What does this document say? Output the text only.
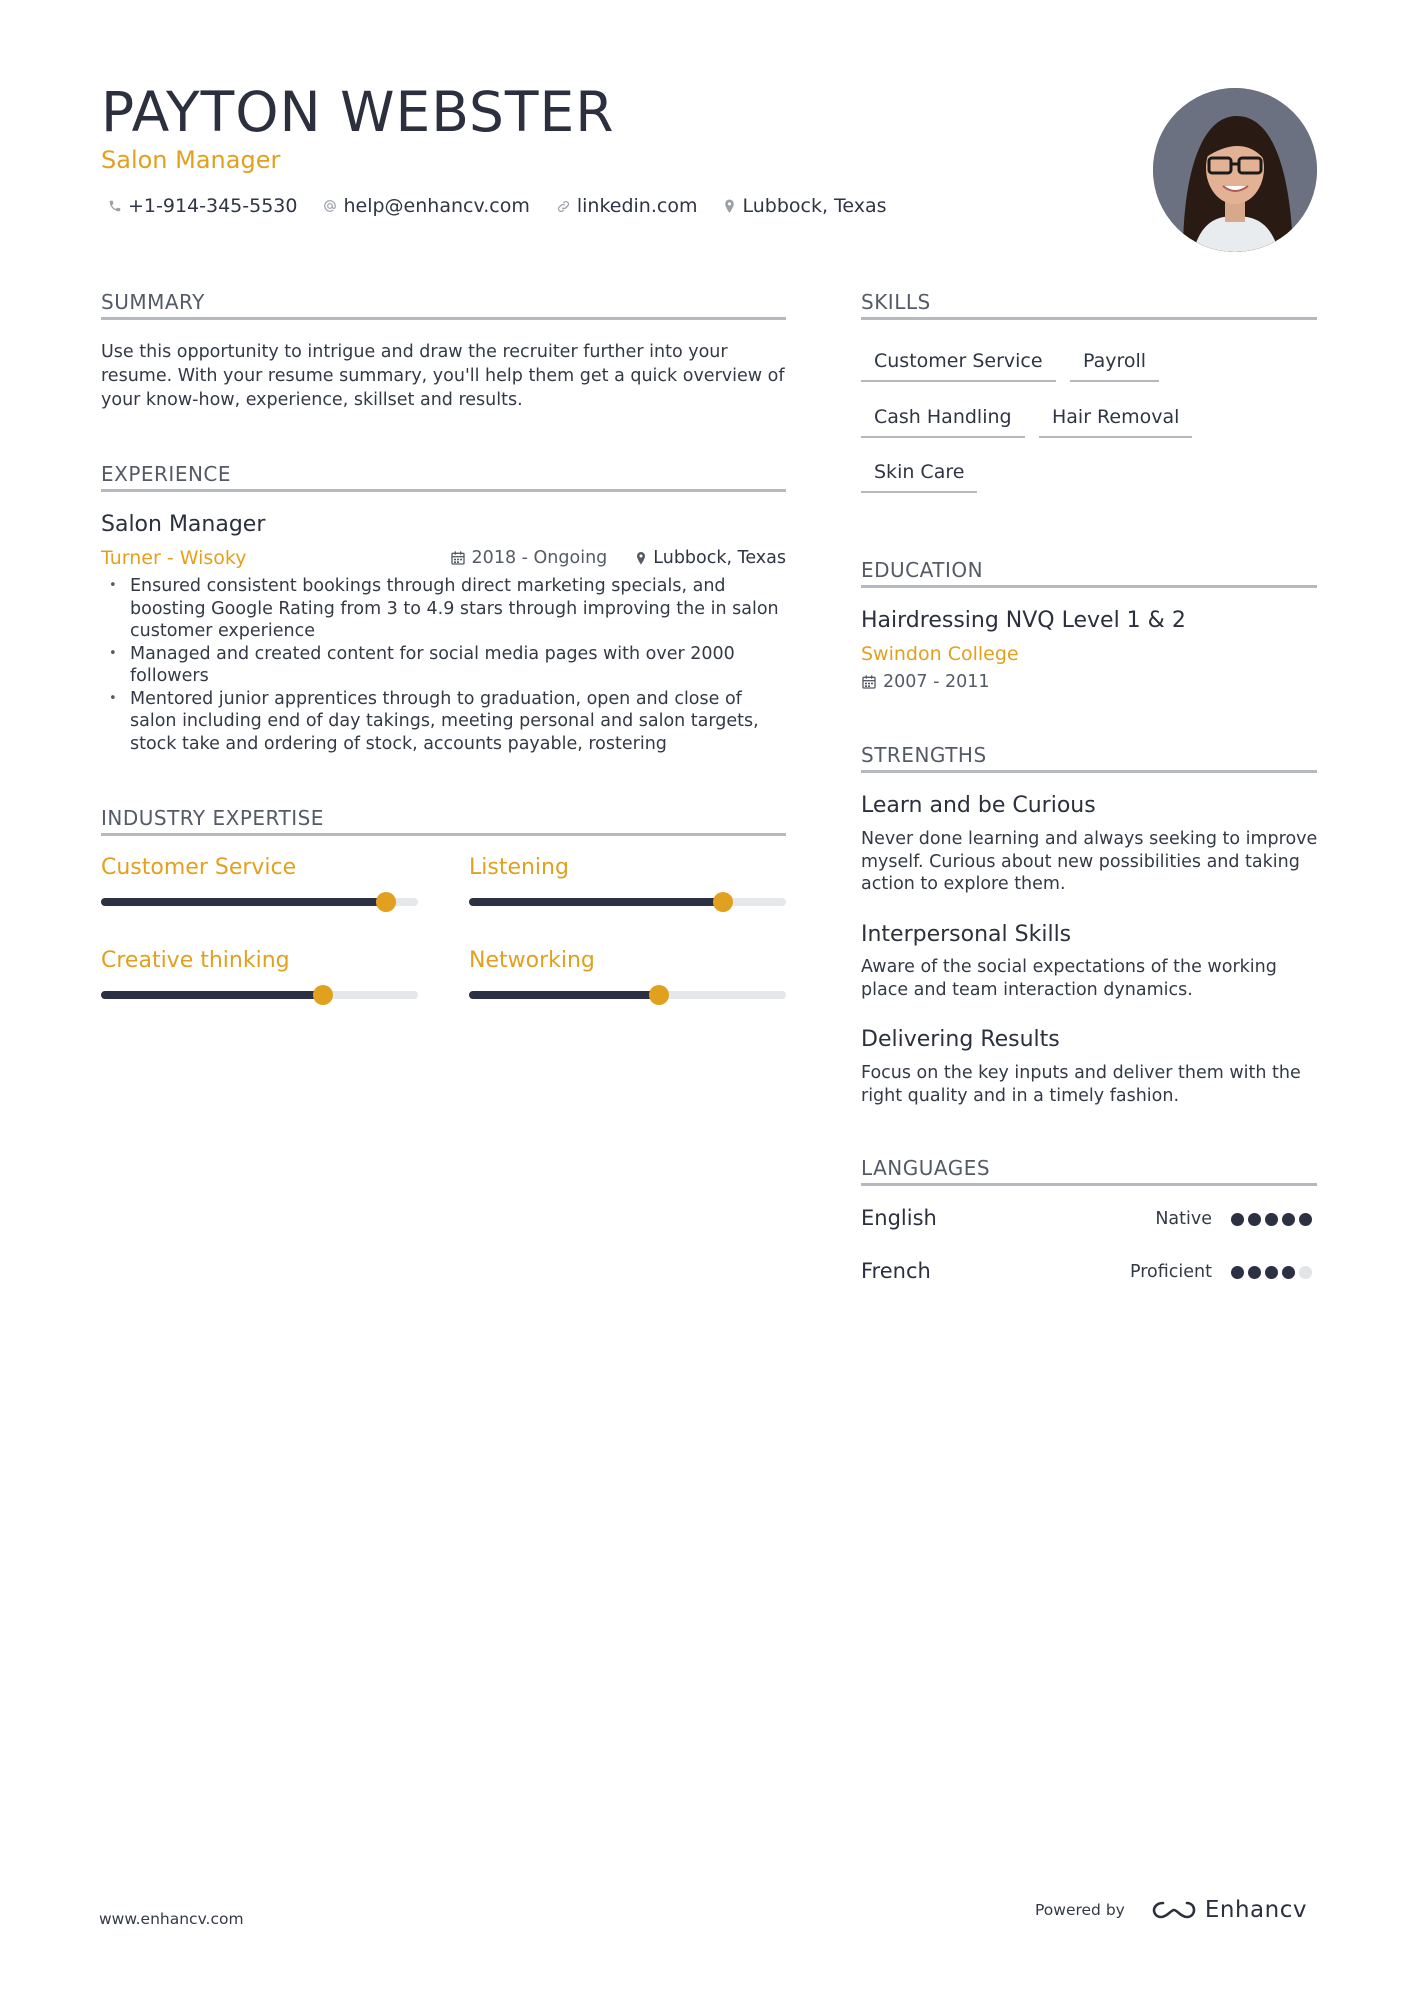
PAYTON WEBSTER
Salon Manager
+1-914-345-5530 help@enhancv.com linkedin.com Lubbock, Texas
SUMMARY
Use this opportunity to intrigue and draw the recruiter further into your resume. With your resume summary, you'll help them get a quick overview of your know-how, experience, skillset and results.
EXPERIENCE
Salon Manager
Turner - Wisoky	2018 - Ongoing	Lubbock, Texas
• Ensured consistent bookings through direct marketing specials, and boosting Google Rating from 3 to 4.9 stars through improving the in salon customer experience
• Managed and created content for social media pages with over 2000 followers
• Mentored junior apprentices through to graduation, open and close of salon including end of day takings, meeting personal and salon targets, stock take and ordering of stock, accounts payable, rostering
INDUSTRY EXPERTISE
Customer Service	Listening
Creative thinking	Networking
SKILLS
Customer Service	Payroll
Cash Handling	Hair Removal
Skin Care
EDUCATION
Hairdressing NVQ Level 1 & 2
Swindon College
2007 - 2011
STRENGTHS
Learn and be Curious
Never done learning and always seeking to improve myself. Curious about new possibilities and taking action to explore them.
Interpersonal Skills
Aware of the social expectations of the working place and team interaction dynamics.
Delivering Results
Focus on the key inputs and deliver them with the right quality and in a timely fashion.
LANGUAGES
English	Native
French	Proficient
www.enhancv.com	Powered by	Enhancv
